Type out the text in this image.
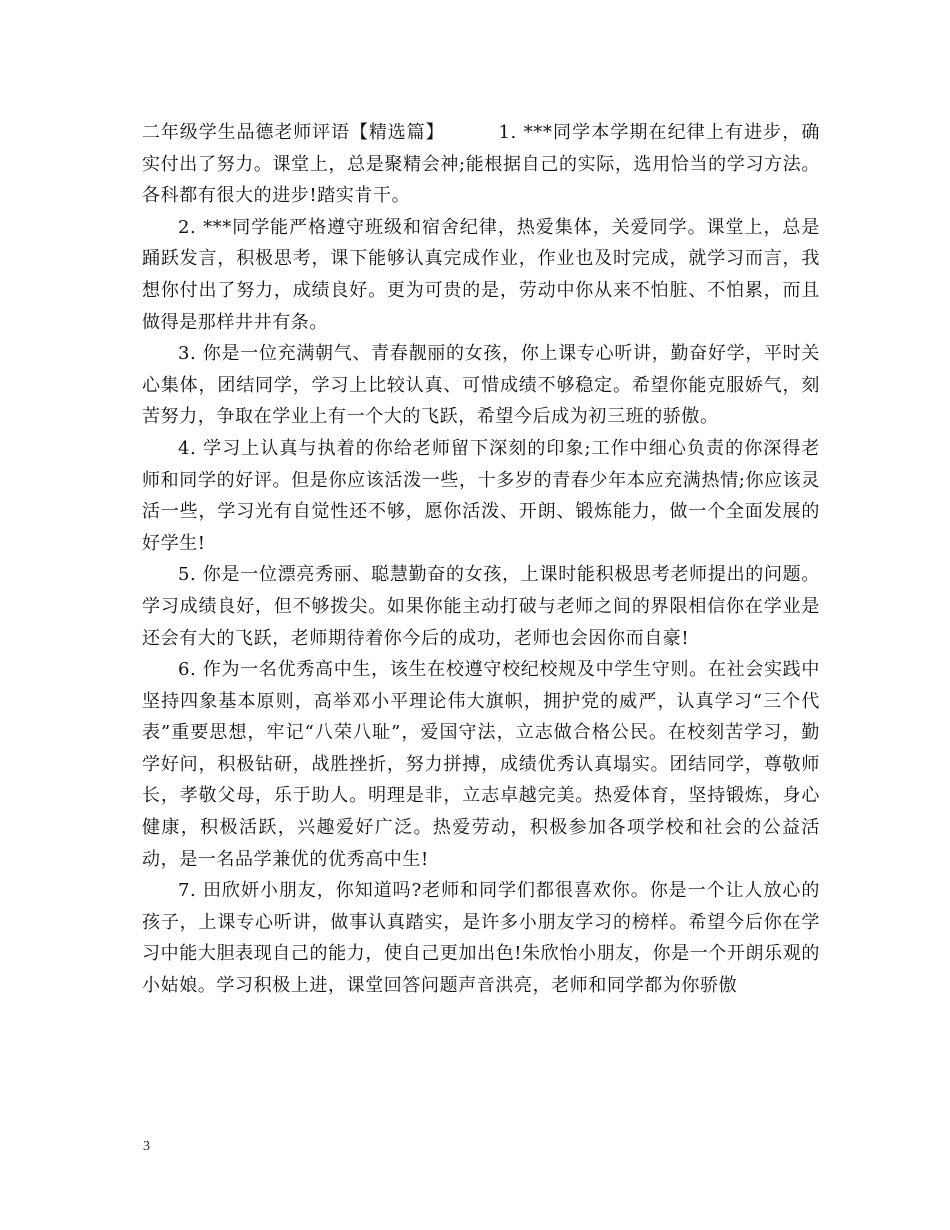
二年级学生品德老师评语【精选篇】	1. ***同学本学期在纪律上有进步，确实付出了努力。课堂上，总是聚精会神;能根据自己的实际，选用恰当的学习方法。各科都有很大的进步!踏实肯干。

2. ***同学能严格遵守班级和宿舍纪律，热爱集体，关爱同学。课堂上，总是踊跃发言，积极思考，课下能够认真完成作业，作业也及时完成，就学习而言，我想你付出了努力，成绩良好。更为可贵的是，劳动中你从来不怕脏、不怕累，而且做得是那样井井有条。

3. 你是一位充满朝气、青春靓丽的女孩，你上课专心听讲，勤奋好学，平时关心集体，团结同学，学习上比较认真、可惜成绩不够稳定。希望你能克服娇气，刻苦努力，争取在学业上有一个大的飞跃，希望今后成为初三班的骄傲。

4. 学习上认真与执着的你给老师留下深刻的印象;工作中细心负责的你深得老师和同学的好评。但是你应该活泼一些，十多岁的青春少年本应充满热情;你应该灵活一些，学习光有自觉性还不够，愿你活泼、开朗、锻炼能力，做一个全面发展的好学生!

5. 你是一位漂亮秀丽、聪慧勤奋的女孩，上课时能积极思考老师提出的问题。学习成绩良好，但不够拨尖。如果你能主动打破与老师之间的界限相信你在学业是还会有大的飞跃，老师期待着你今后的成功，老师也会因你而自豪!

6. 作为一名优秀高中生，该生在校遵守校纪校规及中学生守则。在社会实践中坚持四象基本原则，高举邓小平理论伟大旗帜，拥护党的威严，认真学习“三个代表”重要思想，牢记“八荣八耻”，爱国守法，立志做合格公民。在校刻苦学习，勤学好问，积极钻研，战胜挫折，努力拼搏，成绩优秀认真塌实。团结同学，尊敬师长，孝敬父母，乐于助人。明理是非，立志卓越完美。热爱体育，坚持锻炼，身心健康，积极活跃，兴趣爱好广泛。热爱劳动，积极参加各项学校和社会的公益活动，是一名品学兼优的优秀高中生!

7. 田欣妍小朋友，你知道吗?老师和同学们都很喜欢你。你是一个让人放心的孩子，上课专心听讲，做事认真踏实，是许多小朋友学习的榜样。希望今后你在学习中能大胆表现自己的能力，使自己更加出色!朱欣怡小朋友，你是一个开朗乐观的小姑娘。学习积极上进，课堂回答问题声音洪亮，老师和同学都为你骄傲

3
